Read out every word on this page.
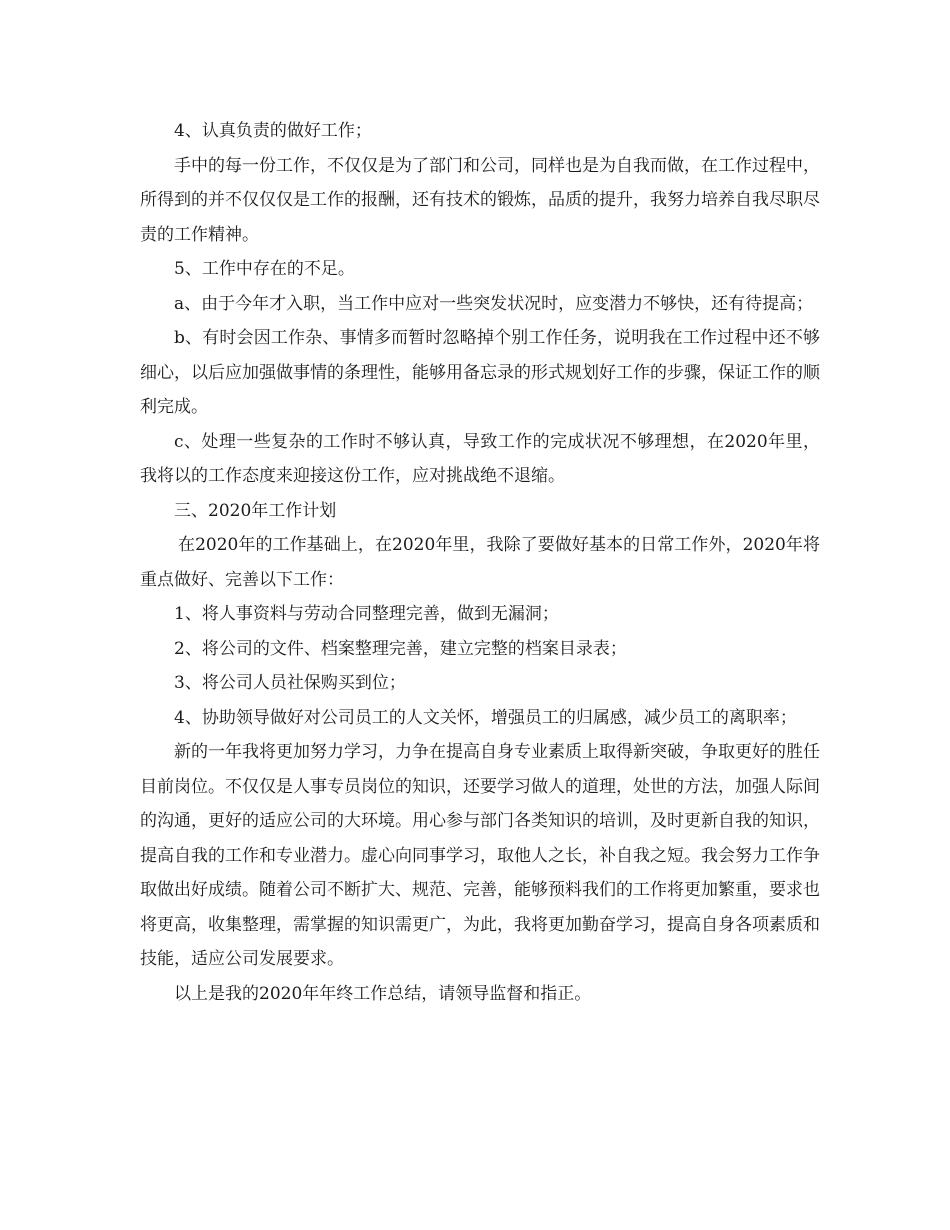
4、认真负责的做好工作；

手中的每一份工作，不仅仅是为了部门和公司，同样也是为自我而做，在工作过程中，所得到的并不仅仅仅是工作的报酬，还有技术的锻炼，品质的提升，我努力培养自我尽职尽责的工作精神。

5、工作中存在的不足。

a、由于今年才入职，当工作中应对一些突发状况时，应变潜力不够快，还有待提高；

b、有时会因工作杂、事情多而暂时忽略掉个别工作任务，说明我在工作过程中还不够细心，以后应加强做事情的条理性，能够用备忘录的形式规划好工作的步骤，保证工作的顺利完成。

c、处理一些复杂的工作时不够认真，导致工作的完成状况不够理想，在2020年里，我将以的工作态度来迎接这份工作，应对挑战绝不退缩。

三、2020年工作计划

在2020年的工作基础上，在2020年里，我除了要做好基本的日常工作外，2020年将重点做好、完善以下工作：

1、将人事资料与劳动合同整理完善，做到无漏洞；

2、将公司的文件、档案整理完善，建立完整的档案目录表；

3、将公司人员社保购买到位；

4、协助领导做好对公司员工的人文关怀，增强员工的归属感，减少员工的离职率；

新的一年我将更加努力学习，力争在提高自身专业素质上取得新突破，争取更好的胜任目前岗位。不仅仅是人事专员岗位的知识，还要学习做人的道理，处世的方法，加强人际间的沟通，更好的适应公司的大环境。用心参与部门各类知识的培训，及时更新自我的知识，提高自我的工作和专业潜力。虚心向同事学习，取他人之长，补自我之短。我会努力工作争取做出好成绩。随着公司不断扩大、规范、完善，能够预料我们的工作将更加繁重，要求也将更高，收集整理，需掌握的知识需更广，为此，我将更加勤奋学习，提高自身各项素质和技能，适应公司发展要求。

以上是我的2020年年终工作总结，请领导监督和指正。
